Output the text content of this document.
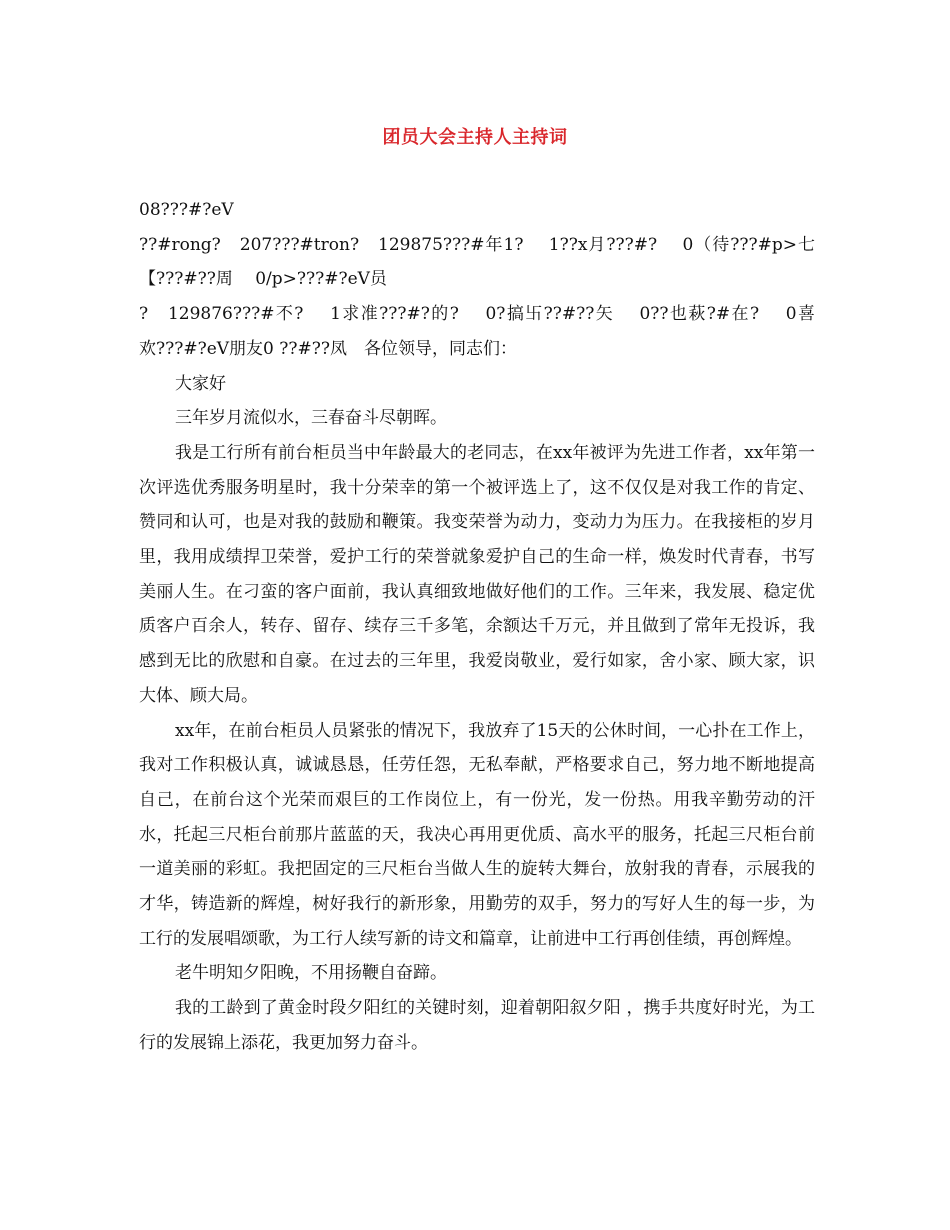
团员大会主持人主持词

08???#?eV

??#rong?　207???#tron?　129875???#年1?　 1??x月???#?　 0（待???#p>七【???#??周　 0/p>???#?eV员

?　129876???#不?　 1求准???#?的?　 0?搞卐??#??矢　 0??也萩?#在?　 0喜欢???#?eV朋友0 ??#??凤　各位领导，同志们：

大家好

三年岁月流似水，三春奋斗尽朝晖。

我是工行所有前台柜员当中年龄最大的老同志，在xx年被评为先进工作者，xx年第一次评选优秀服务明星时，我十分荣幸的第一个被评选上了，这不仅仅是对我工作的肯定、赞同和认可，也是对我的鼓励和鞭策。我变荣誉为动力，变动力为压力。在我接柜的岁月里，我用成绩捍卫荣誉，爱护工行的荣誉就象爱护自己的生命一样，焕发时代青春，书写美丽人生。在刁蛮的客户面前，我认真细致地做好他们的工作。三年来，我发展、稳定优质客户百余人，转存、留存、续存三千多笔，余额达千万元，并且做到了常年无投诉，我感到无比的欣慰和自豪。在过去的三年里，我爱岗敬业，爱行如家，舍小家、顾大家，识大体、顾大局。

xx年，在前台柜员人员紧张的情况下，我放弃了15天的公休时间，一心扑在工作上，我对工作积极认真，诚诚恳恳，任劳任怨，无私奉献，严格要求自己，努力地不断地提高自己，在前台这个光荣而艰巨的工作岗位上，有一份光，发一份热。用我辛勤劳动的汗水，托起三尺柜台前那片蓝蓝的天，我决心再用更优质、高水平的服务，托起三尺柜台前一道美丽的彩虹。我把固定的三尺柜台当做人生的旋转大舞台，放射我的青春，示展我的才华，铸造新的辉煌，树好我行的新形象，用勤劳的双手，努力的写好人生的每一步，为工行的发展唱颂歌，为工行人续写新的诗文和篇章，让前进中工行再创佳绩，再创辉煌。

老牛明知夕阳晚，不用扬鞭自奋蹄。

我的工龄到了黄金时段夕阳红的关键时刻，迎着朝阳叙夕阳 ，携手共度好时光，为工行的发展锦上添花，我更加努力奋斗。
